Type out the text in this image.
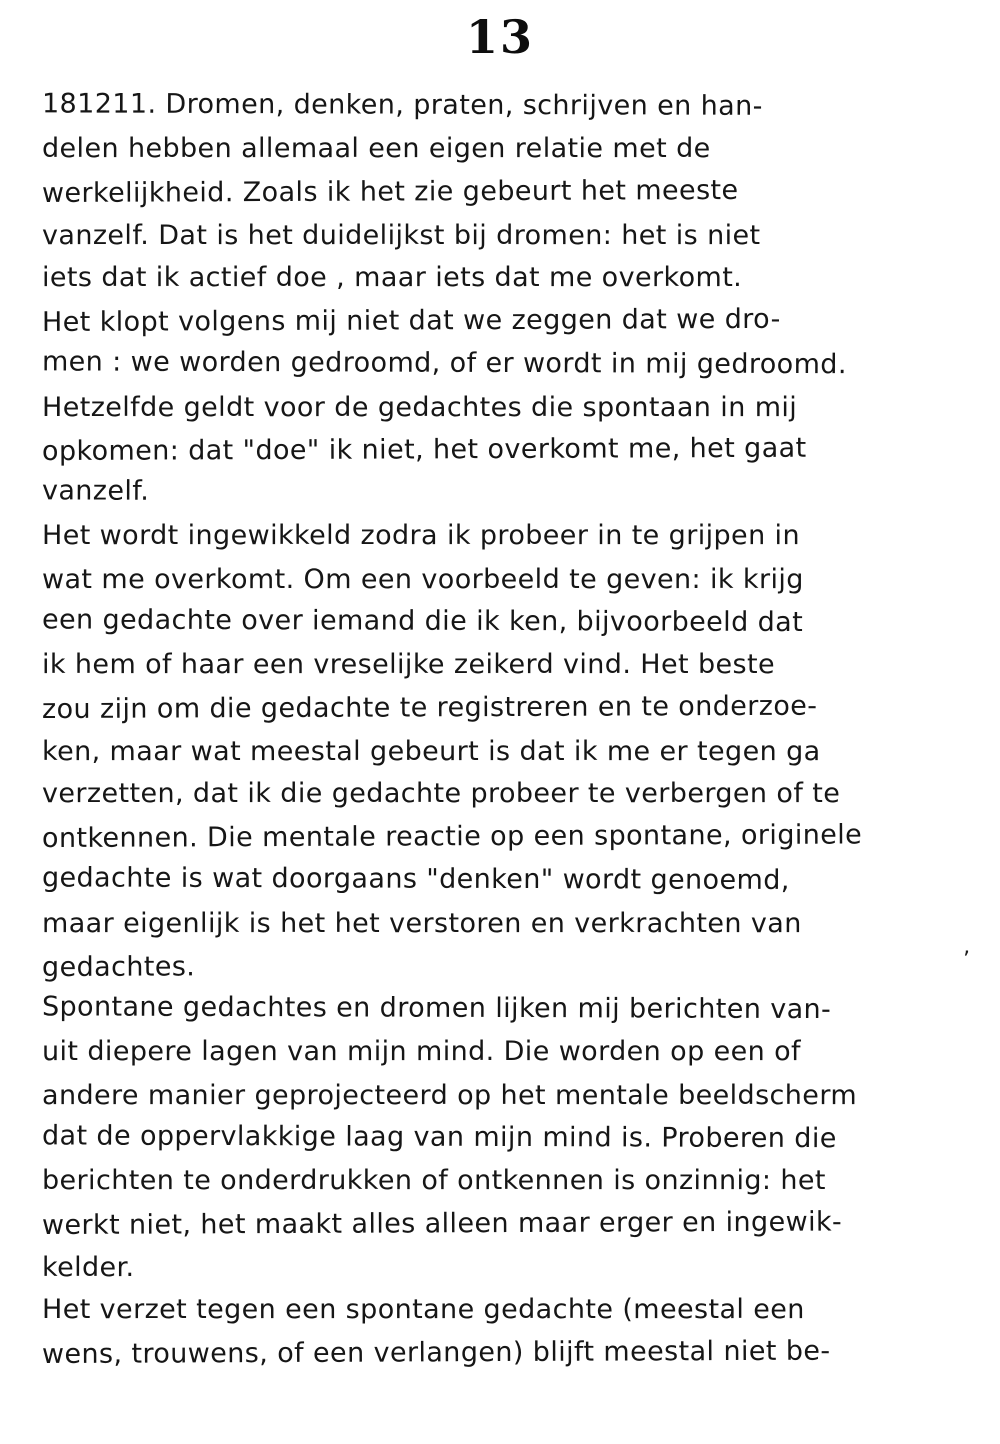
13
181211. Dromen, denken, praten, schrijven en han-
delen hebben allemaal een eigen relatie met de
werkelijkheid. Zoals ik het zie gebeurt het meeste
vanzelf. Dat is het duidelijkst bij dromen: het is niet
iets dat ik actief doe , maar iets dat me overkomt.
Het klopt volgens mij niet dat we zeggen dat we dro-
men : we worden gedroomd, of er wordt in mij gedroomd.
Hetzelfde geldt voor de gedachtes die spontaan in mij
opkomen: dat "doe" ik niet, het overkomt me, het gaat
vanzelf.
Het wordt ingewikkeld zodra ik probeer in te grijpen in
wat me overkomt. Om een voorbeeld te geven: ik krijg
een gedachte over iemand die ik ken, bijvoorbeeld dat
ik hem of haar een vreselijke zeikerd vind. Het beste
zou zijn om die gedachte te registreren en te onderzoe-
ken, maar wat meestal gebeurt is dat ik me er tegen ga
verzetten, dat ik die gedachte probeer te verbergen of te
ontkennen. Die mentale reactie op een spontane, originele
gedachte is wat doorgaans "denken" wordt genoemd,
maar eigenlijk is het het verstoren en verkrachten van
gedachtes.
Spontane gedachtes en dromen lijken mij berichten van-
uit diepere lagen van mijn mind. Die worden op een of
andere manier geprojecteerd op het mentale beeldscherm
dat de oppervlakkige laag van mijn mind is. Proberen die
berichten te onderdrukken of ontkennen is onzinnig: het
werkt niet, het maakt alles alleen maar erger en ingewik-
kelder.
Het verzet tegen een spontane gedachte (meestal een
wens, trouwens, of een verlangen) blijft meestal niet be-
’
